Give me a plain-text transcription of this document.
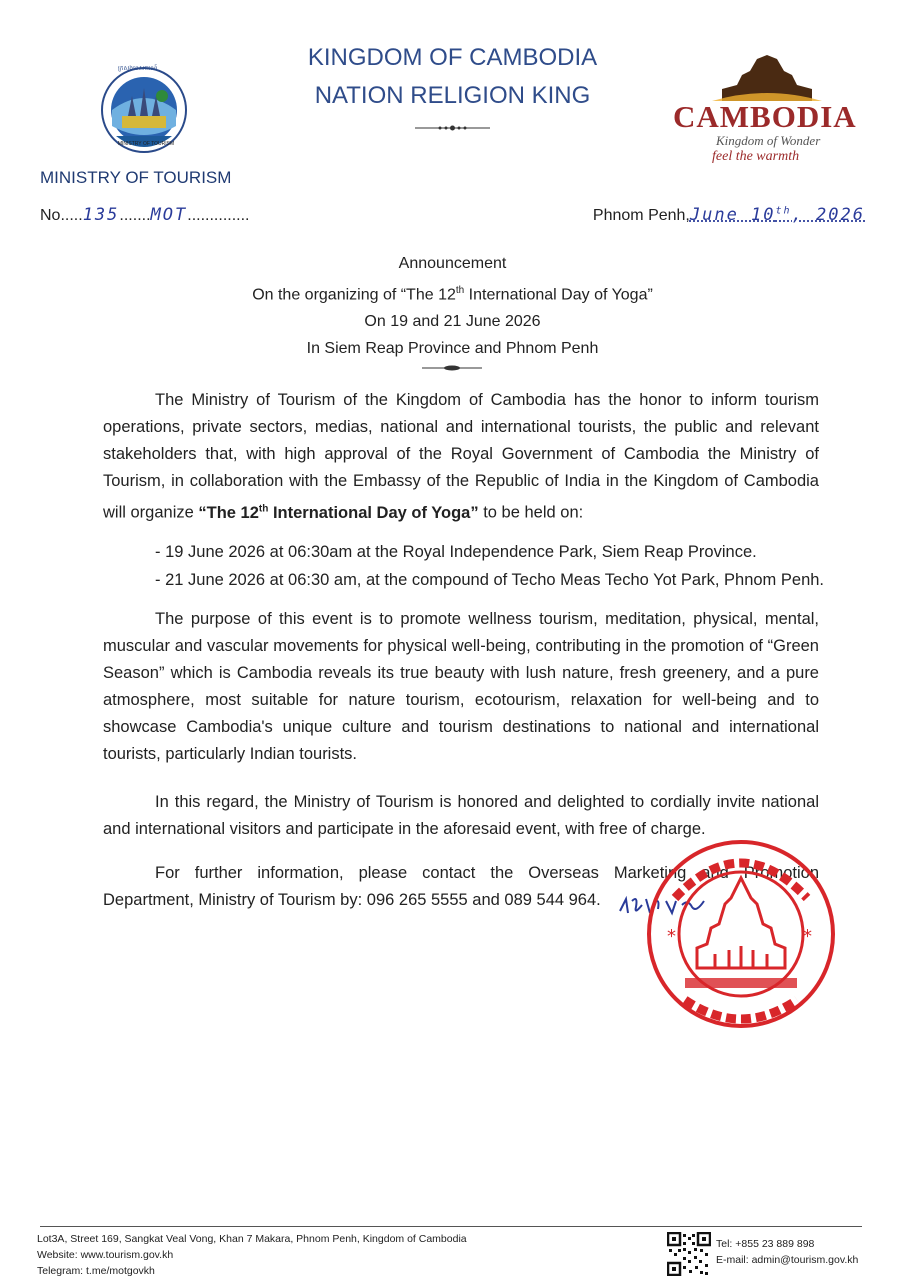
KINGDOM OF CAMBODIA
NATION RELIGION KING
ក្រសួងទេសចរណ៍
MINISTRY OF TOURISM
CAMBODIA
Kingdom of Wonder
feel the warmth
MINISTRY OF TOURISM
No.....135.......MOT..............	Phnom Penh,June 10th, 2026
Announcement
On the organizing of “The 12th International Day of Yoga”
On 19 and 21 June 2026
In Siem Reap Province and Phnom Penh
The Ministry of Tourism of the Kingdom of Cambodia has the honor to inform tourism operations, private sectors, medias, national and international tourists, the public and relevant stakeholders that, with high approval of the Royal Government of Cambodia the Ministry of Tourism, in collaboration with the Embassy of the Republic of India in the Kingdom of Cambodia will organize “The 12th International Day of Yoga” to be held on:
- 19 June 2026 at 06:30am at the Royal Independence Park, Siem Reap Province.
- 21 June 2026 at 06:30 am, at the compound of Techo Meas Techo Yot Park, Phnom Penh.
The purpose of this event is to promote wellness tourism, meditation, physical, mental, muscular and vascular movements for physical well-being, contributing in the promotion of “Green Season” which is Cambodia reveals its true beauty with lush nature, fresh greenery, and a pure atmosphere, most suitable for nature tourism, ecotourism, relaxation for well-being and to showcase Cambodia's unique culture and tourism destinations to national and international tourists, particularly Indian tourists.
In this regard, the Ministry of Tourism is honored and delighted to cordially invite national and international visitors and participate in the aforesaid event, with free of charge.
For further information, please contact the Overseas Marketing and Promotion Department, Ministry of Tourism by: 096 265 5555 and 089 544 964.
*	*
Lot3A, Street 169, Sangkat Veal Vong, Khan 7 Makara, Phnom Penh, Kingdom of Cambodia
Website: www.tourism.gov.kh
Telegram: t.me/motgovkh
Tel: +855 23 889 898
E-mail: admin@tourism.gov.kh
